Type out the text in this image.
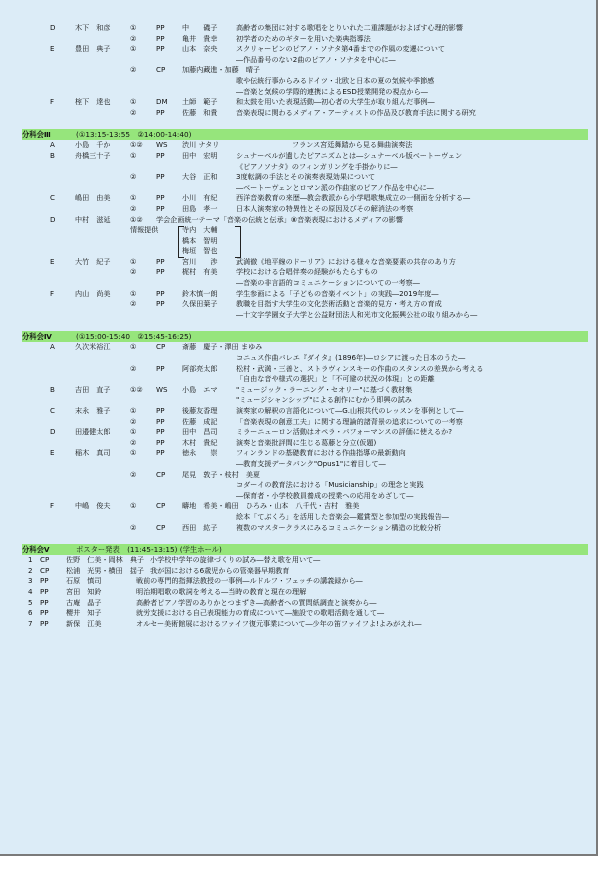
D	木下　和彦	①	PP 中　　磯子	高齢者の集団に対する歌唱をとりいれた二重課題がおよぼす心理的影響
②	PP 亀井　貴幸	初学者のためのギターを用いた楽典指導法
E	豊田　典子	①	PP 山本　奈央	スクリャービンのピアノ・ソナタ第4番までの作風の変遷について
―作品番号のない2曲のピアノ・ソナタを中心に―
②	CP 加藤内藏進・加藤　晴子
歌や伝統行事からみるドイツ・北欧と日本の夏の気候や季節感
―音楽と気候の学際的連携によるESD授業開発の視点から―
F	榁下　達也	①	DM 土師　範子	和太鼓を用いた表現活動―初心者の大学生が取り組んだ事例―
②	PP 佐藤　和貴	音楽表現に関わるメディア・アーティストの作品及び教育手法に関する研究
分科会Ⅲ	(①13:15-13:55　②14:00-14:40)
A	小島　千か	①② WS 渋川 ナタリ	フランス宮廷舞踏から見る舞曲演奏法
B	舟橋三十子	①	PP 田中　宏明	シュナーベルが遺したピアニズムとは―シュナーベル版ベートーヴェン
《ピアノソナタ》のフィンガリングを手掛かりに―
②	PP 大谷　正和	3度転調の手法とその演奏表現効果について
―ベートーヴェンとロマン派の作曲家のピアノ作品を中心に―
C	嶋田　由美	①	PP 小川　有紀	西洋音楽教育の来歴―教会教派から小学唱歌集成立の一側面を分析する―
②	PP 田島　孝一	日本人演奏家の特異性とその原因及びその解消法の考察
D	中村　滋延	①② 学会企画統一テーマ「音楽の伝統と伝承」⑧音楽表現におけるメディアの影響
情報提供	寺内　大輔
橋本　智明
梅垣　智也
E	大竹　紀子	①	PP 宮川　　渉	武満徹《地平線のドーリア》における様々な音楽要素の共存のあり方
②	PP 梶村　有美	学校における合唱伴奏の経験がもたらすもの
―音楽の非言語的コミュニケーションについての一考察―
F	内山　尚美	①	PP 鈴木慎一朗	学生参画による「子どもの音楽イベント」の実践―2019年度―
②	PP 久保田葉子	教職を目指す大学生の文化芸術活動と音楽的見方・考え方の育成
―十文字学園女子大学と公益財団法人和光市文化振興公社の取り組みから―
分科会Ⅳ	(①15:00-15:40　②15:45-16:25)
A	久次米裕江	①	CP 斎藤　慶子・澤田 まゆみ
コニュス作曲バレエ『ダイタ』(1896年)―ロシアに渡った日本のうた―
②	PP 阿部亮太郎	松村・武満・三善と、ストラヴィンスキーの作曲のスタンスの差異から考える
「自由な音や様式の選択」と「不可避の状況の体現」との距離
B	吉田　直子	①② WS 小島　エマ	"ミュージック・ラーニング・セオリー"に基づく教材集
"ミュージシャンシップ"による創作にむかう即興の試み
C	末永　雅子	①	PP 後藤友香理	演奏家の解釈の言語化について―G.山根共代のレッスンを事例として―
②	PP 佐藤　成記	「音楽表現の創意工夫」に関する理論的諸背景の追求についての一考察
D	田邉健太郎	①	PP 田中　昌司	ミラーニューロン活動はオペラ・パフォーマンスの評価に使えるか?
②	PP 木村　貴紀	演奏と音楽批評間に生じる葛藤と分立(仮題)
E	稲木　真司	①	PP 徳永　　崇	フィンランドの基礎教育における作曲指導の最新動向
―教育支援データバンク"Opus1"に着目して―
②	CP 尾見　敦子・枝村　美夏
コダーイの教育法における「Musicianship」の理念と実践
―保育者・小学校教員養成の授業への応用をめざして―
F	中嶋　俊夫	①	CP 疇地　希美・嶋田　ひろみ・山本　八千代・吉村　雅美
絵本「てぶくろ」を活用した音楽会―鑑賞型と参加型の実践報告―
②	CP 西田　紘子	複数のマスタークラスにみるコミュニケーション構造の比較分析
分科会Ⅴ	ポスター発表　(11:45-13:15) (学生ホール)
1 CP 佐野　仁美・岡林　典子 小学校中学年の旋律づくりの試み―替え歌を用いて―
2 CP 松浦　光男・横田　揺子 我が国における6歳児からの管楽器早期教育
3 PP 石原　慎司	戦前の専門的指揮法教授の一事例―ルドルフ・フェッチの講義録から―
4 PP 宮田　知鈴	明治期唱歌の歌詞を考える―当時の教育と現在の理解
5 PP 古庵　晶子	高齢者ピアノ学習のありかとつまずき―高齢者への質問紙調査と演奏から―
6 PP 櫻井　知子	就労支援における自己表現能力の育成について―施設での歌唱活動を通して―
7 PP 新保　江美	オルセー美術館展におけるファイフ復元事業について―少年の笛ファイフよ!よみがえれ―
